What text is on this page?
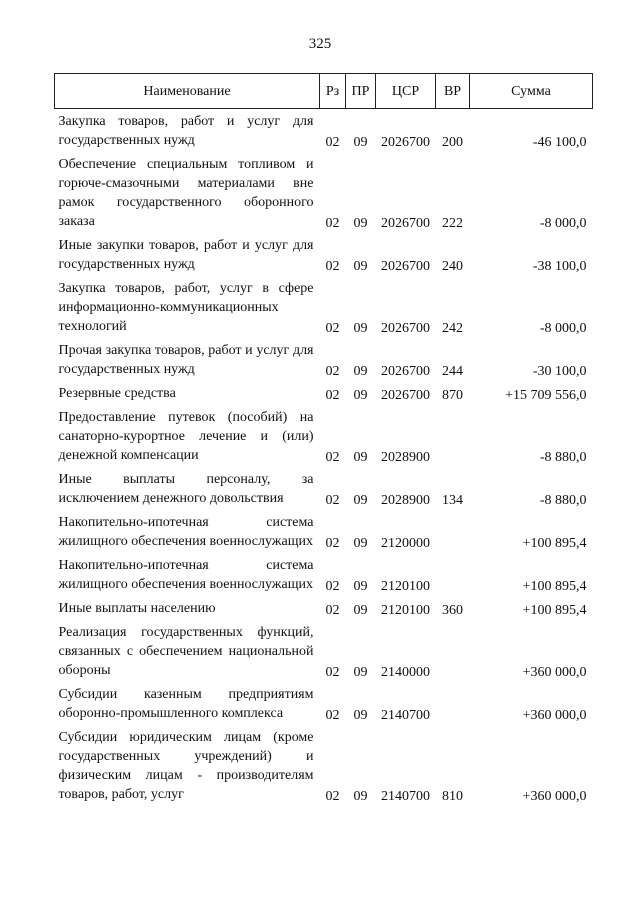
325
Наименование	Рз	ПР	ЦСР	ВР	Сумма
Закупка товаров, работ и услуг для государственных нужд	02	09	2026700	200	-46 100,0
Обеспечение специальным топливом и горюче-смазочными материалами вне рамок государственного оборонного заказа	02	09	2026700	222	-8 000,0
Иные закупки товаров, работ и услуг для государственных нужд	02	09	2026700	240	-38 100,0
Закупка товаров, работ, услуг в сфере информационно-коммуникационных технологий	02	09	2026700	242	-8 000,0
Прочая закупка товаров, работ и услуг для государственных нужд	02	09	2026700	244	-30 100,0
Резервные средства	02	09	2026700	870	+15 709 556,0
Предоставление путевок (пособий) на санаторно-курортное лечение и (или) денежной компенсации	02	09	2028900		-8 880,0
Иные выплаты персоналу, за исключением денежного довольствия	02	09	2028900	134	-8 880,0
Накопительно-ипотечная система жилищного обеспечения военнослужащих	02	09	2120000		+100 895,4
Накопительно-ипотечная система жилищного обеспечения военнослужащих	02	09	2120100		+100 895,4
Иные выплаты населению	02	09	2120100	360	+100 895,4
Реализация государственных функций, связанных с обеспечением национальной обороны	02	09	2140000		+360 000,0
Субсидии казенным предприятиям оборонно-промышленного комплекса	02	09	2140700		+360 000,0
Субсидии юридическим лицам (кроме государственных учреждений) и физическим лицам - производителям товаров, работ, услуг	02	09	2140700	810	+360 000,0
